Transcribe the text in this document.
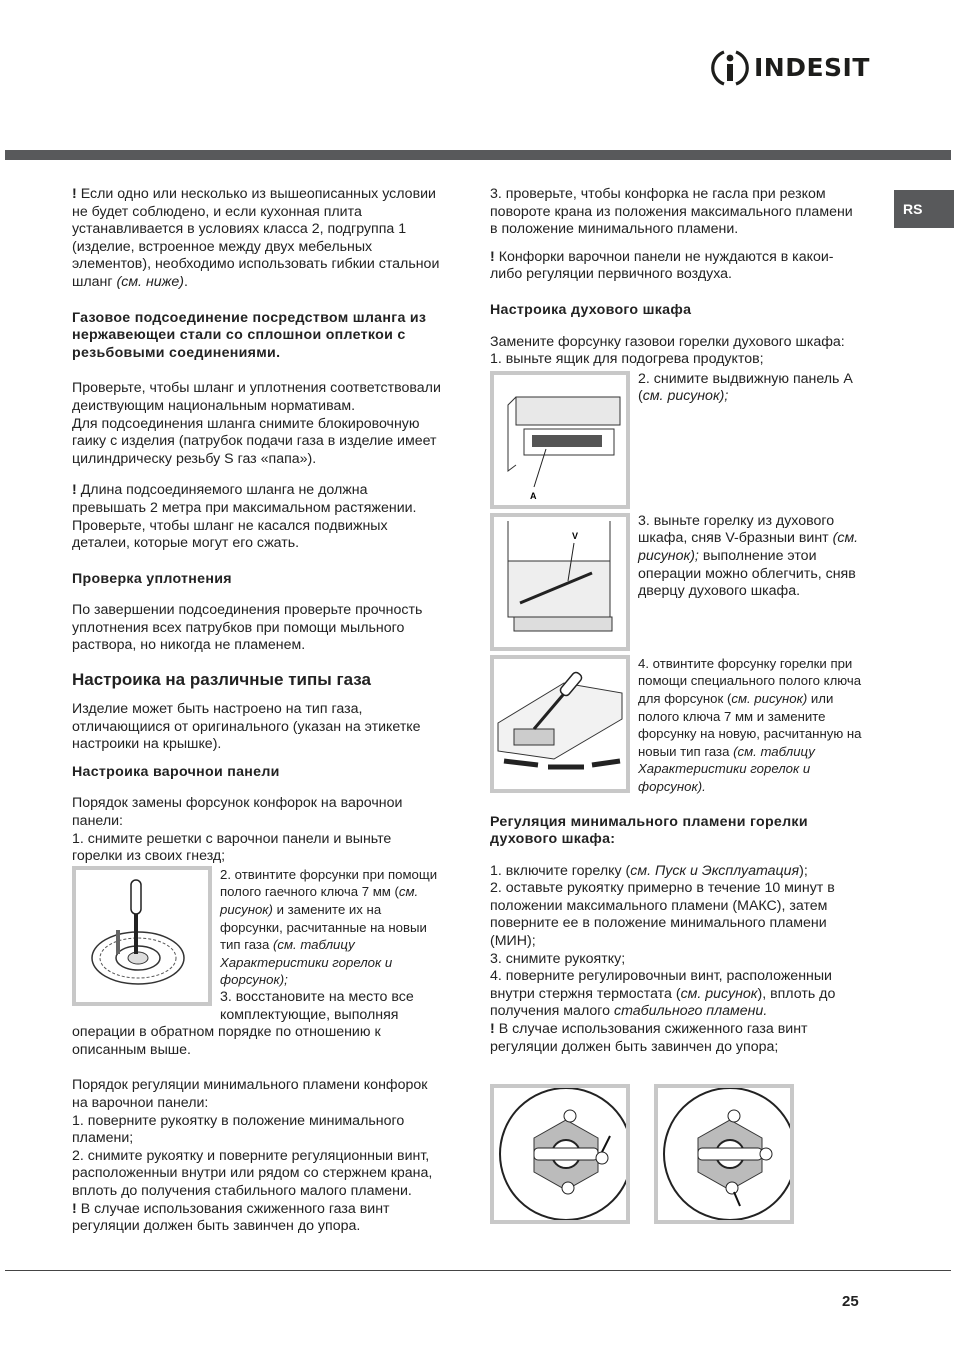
INDESIT
RS

! Если одно или несколько из вышеописанных условии не будет соблюдено, и если кухонная плита устанавливается в условиях класса 2, подгруппа 1 (изделие, встроенное между двух мебельных элементов), необходимо использовать гибкии стальнои шланг (см. ниже).

Газовое подсоединение посредством шланга из нержавеющеи стали со сплошнои оплеткои с резьбовыми соединениями.

Проверьте, чтобы шланг и уплотнения соответствовали деиствующим национальным нормативам.

Для подсоединения шланга снимите блокировочную гаику с изделия (патрубок подачи газа в изделие имеет цилиндрическу резьбу S газ «папа»).

! Длина подсоединяемого шланга не должна превышать 2 метра при максимальном растяжении. Проверьте, чтобы шланг не касался подвижных деталеи, которые могут его сжать.

Проверка уплотнения

По завершении подсоединения проверьте прочность уплотнения всех патрубков при помощи мыльного раствора, но никогда не пламенем.

Настроика на различные типы газа

Изделие может быть настроено на тип газа, отличающиися от оригинального (указан на этикетке настроики на крышке).

Настроика варочнои панели

Порядок замены форсунок конфорок на варочнои панели:

1. снимите решетки с варочнои панели и выньте горелки из своих гнезд;

2. отвинтите форсунки при помощи полого гаечного ключа 7 мм (см. рисунок) и замените их на форсунки, расчитанные на новыи тип газа (см. таблицу Характеристики горелок и форсунок);

3. восстановите на место все комплектующие, выполняя

операции в обратном порядке по отношению к описанным выше.

Порядок регуляции минимального пламени конфорок на варочнои панели:

1. поверните рукоятку в положение минимального пламени;

2. снимите рукоятку и поверните регуляционныи винт, расположенныи внутри или рядом со стержнем крана, вплоть до получения стабильного малого пламени.

! В случае использования сжиженного газа винт регуляции должен быть завинчен до упора.

3. проверьте, чтобы конфорка не гасла при резком повороте крана из положения максимального пламени в положение минимального пламени.

! Конфорки варочнои панели не нуждаются в какои-либо регуляции первичного воздуха.

Настроика духового шкафа

Замените форсунку газовои горелки духового шкафа:

1. выньте ящик для подогрева продуктов;

A

2. снимите выдвижную панель А (см. рисунок);

V

3. выньте горелку из духового шкафа, сняв V-бразныи винт (см. рисунок); выполнение этои операции можно облегчить, сняв дверцу духового шкафа.

4. отвинтите форсунку горелки при помощи специального полого ключа для форсунок (см. рисунок) или полого ключа 7 мм и замените форсунку на новую, расчитанную на новыи тип газа (см. таблицу Характеристики горелок и форсунок).

Регуляция минимального пламени горелки духового шкафа:

1. включите горелку (см. Пуск и Эксплуатация);

2. оставьте рукоятку примерно в течение 10 минут в положении максимального пламени (МАКС), затем поверните ее в положение минимального пламени (МИН);

3. снимите рукоятку;

4. поверните регулировочныи винт, расположенныи внутри стержня термостата (см. рисунок), вплоть до получения малого стабильного пламени.

! В случае использования сжиженного газа винт регуляции должен быть завинчен до упора;

25
